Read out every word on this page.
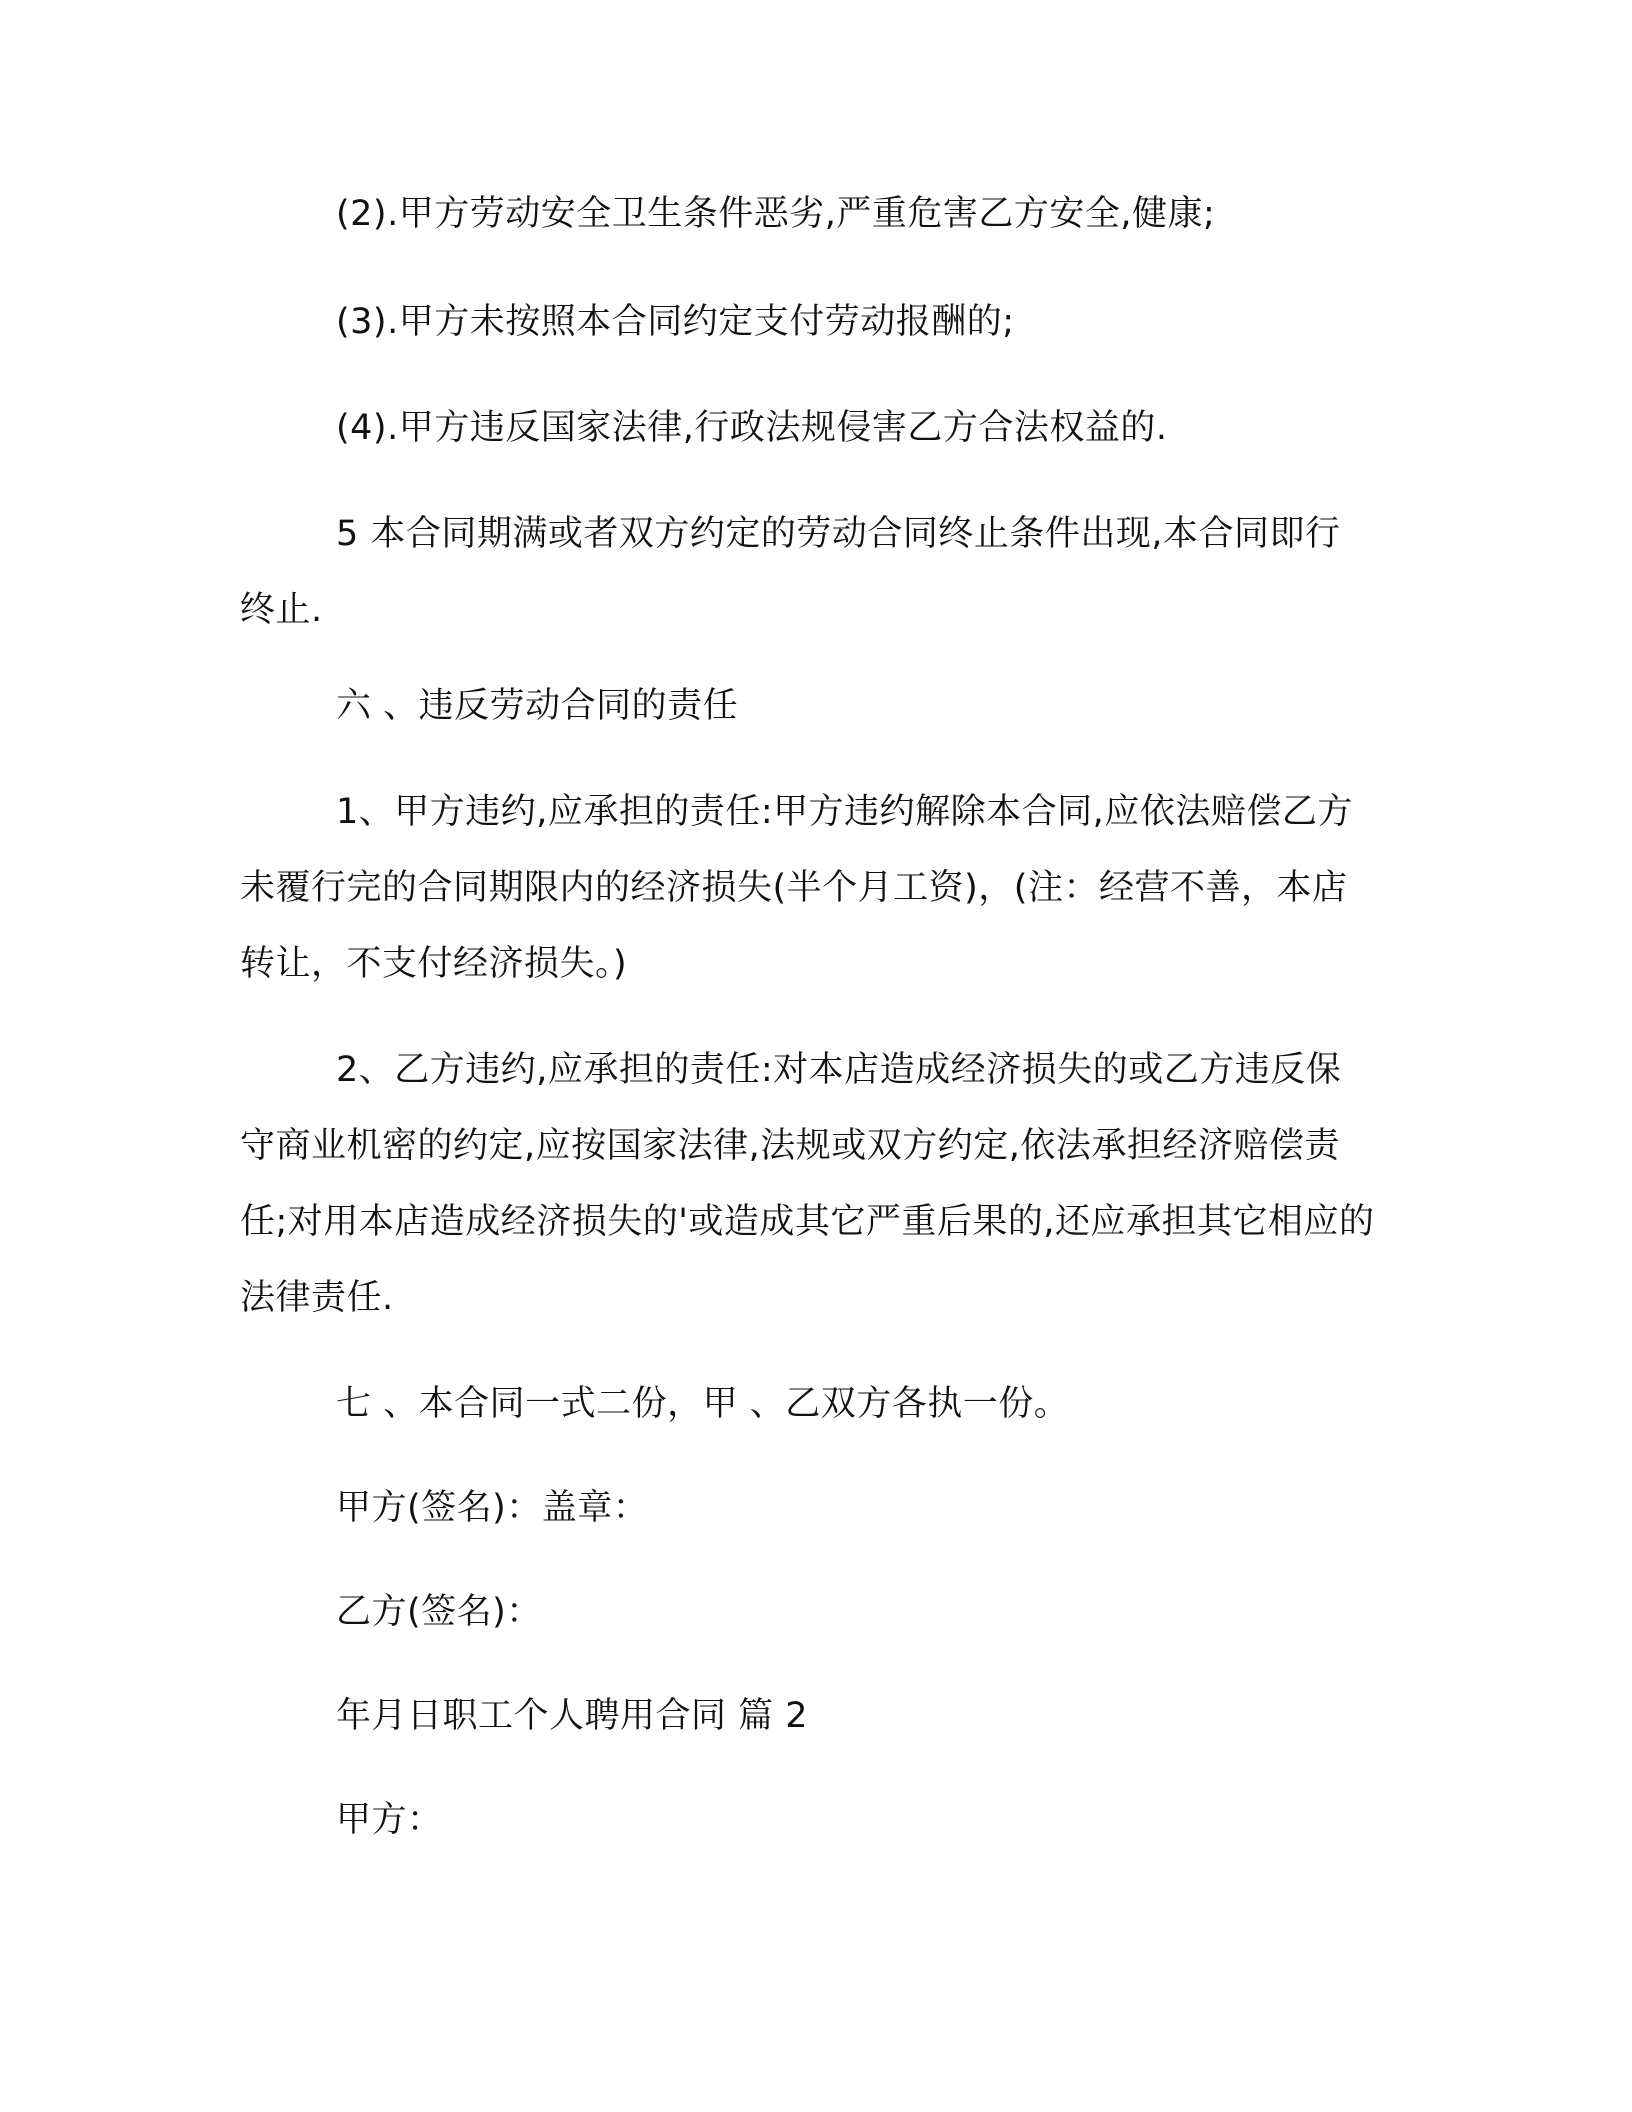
(2).甲方劳动安全卫生条件恶劣,严重危害乙方安全,健康;

(3).甲方未按照本合同约定支付劳动报酬的;

(4).甲方违反国家法律,行政法规侵害乙方合法权益的.

5 本合同期满或者双方约定的劳动合同终止条件出现,本合同即行终止.

六 、违反劳动合同的责任

1、甲方违约,应承担的责任:甲方违约解除本合同,应依法赔偿乙方未覆行完的合同期限内的经济损失(半个月工资)，(注：经营不善，本店转让，不支付经济损失。)

2、乙方违约,应承担的责任:对本店造成经济损失的或乙方违反保守商业机密的约定,应按国家法律,法规或双方约定,依法承担经济赔偿责任;对用本店造成经济损失的'或造成其它严重后果的,还应承担其它相应的法律责任.

七 、本合同一式二份，甲 、乙双方各执一份。

甲方(签名)：盖章：

乙方(签名)：

年月日职工个人聘用合同 篇 2

甲方：
